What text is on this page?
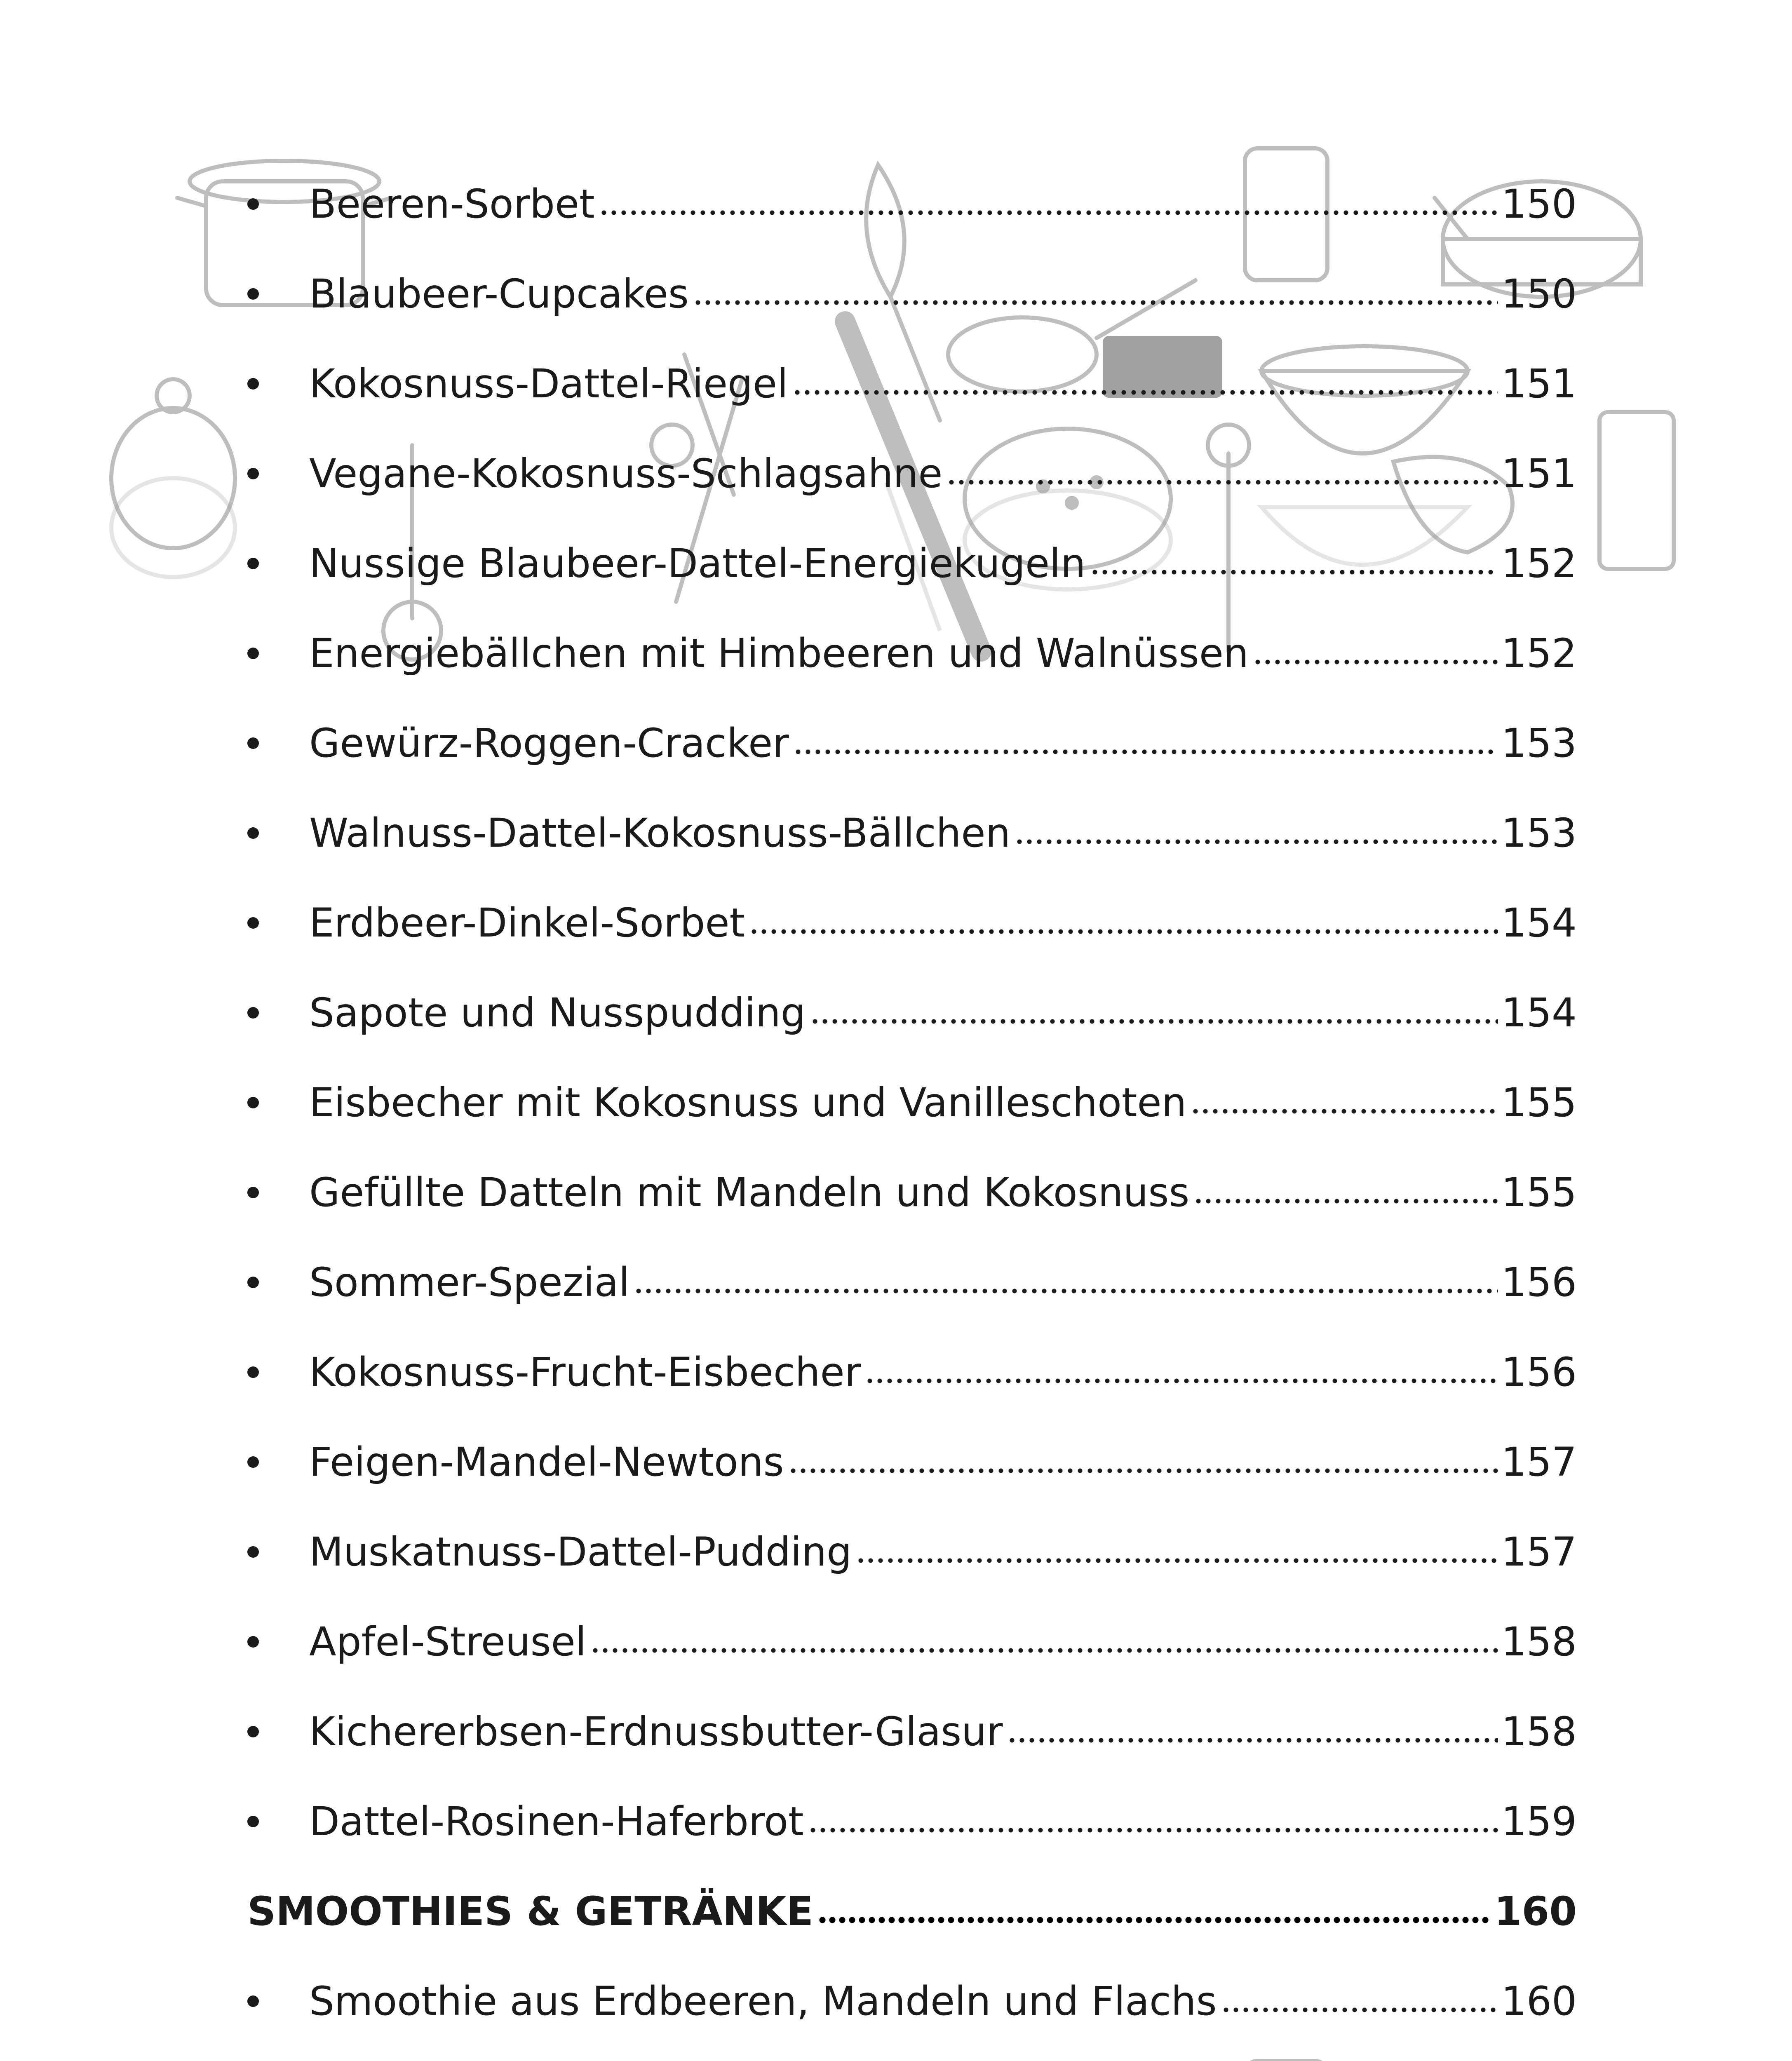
Beeren-Sorbet	150
Blaubeer-Cupcakes	150
Kokosnuss-Dattel-Riegel	151
Vegane-Kokosnuss-Schlagsahne	151
Nussige Blaubeer-Dattel-Energiekugeln	152
Energiebällchen mit Himbeeren und Walnüssen	152
Gewürz-Roggen-Cracker	153
Walnuss-Dattel-Kokosnuss-Bällchen	153
Erdbeer-Dinkel-Sorbet	154
Sapote und Nusspudding	154
Eisbecher mit Kokosnuss und Vanilleschoten	155
Gefüllte Datteln mit Mandeln und Kokosnuss	155
Sommer-Spezial	156
Kokosnuss-Frucht-Eisbecher	156
Feigen-Mandel-Newtons	157
Muskatnuss-Dattel-Pudding	157
Apfel-Streusel	158
Kichererbsen-Erdnussbutter-Glasur	158
Dattel-Rosinen-Haferbrot	159
SMOOTHIES & GETRÄNKE	160
Smoothie aus Erdbeeren, Mandeln und Flachs	160
